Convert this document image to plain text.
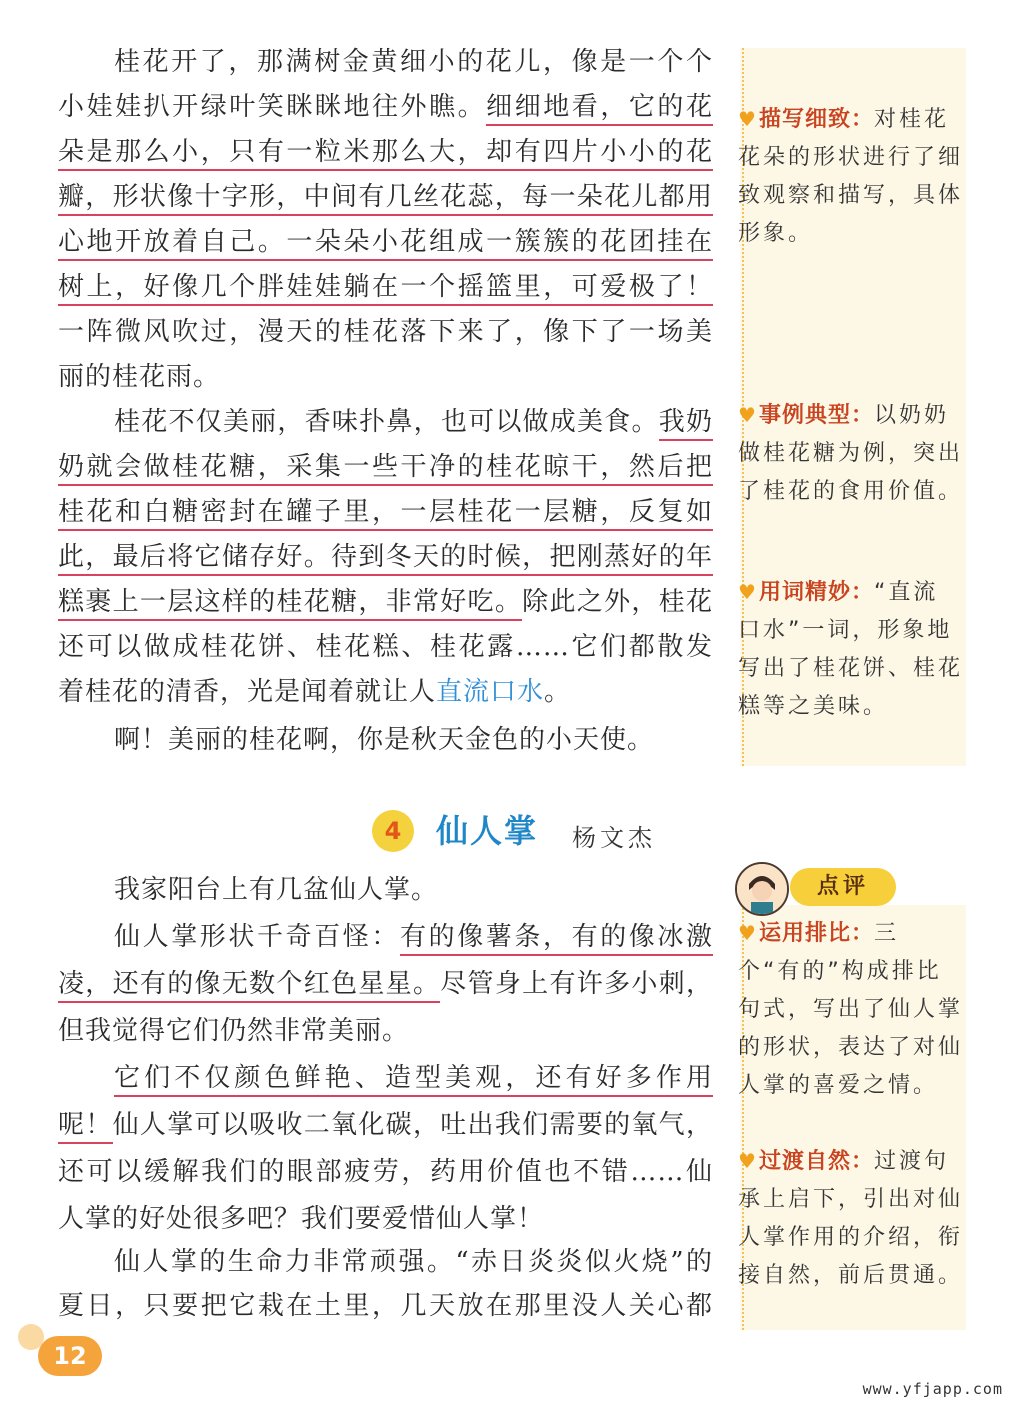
桂花开了，那满树金黄细小的花儿，像是一个个
小娃娃扒开绿叶笑眯眯地往外瞧。细细地看，它的花
朵是那么小，只有一粒米那么大，却有四片小小的花
瓣，形状像十字形，中间有几丝花蕊，每一朵花儿都用
心地开放着自己。一朵朵小花组成一簇簇的花团挂在
树上，好像几个胖娃娃躺在一个摇篮里，可爱极了！
一阵微风吹过，漫天的桂花落下来了，像下了一场美
丽的桂花雨。
桂花不仅美丽，香味扑鼻，也可以做成美食。我奶
奶就会做桂花糖，采集一些干净的桂花晾干，然后把
桂花和白糖密封在罐子里，一层桂花一层糖，反复如
此，最后将它储存好。待到冬天的时候，把刚蒸好的年
糕裹上一层这样的桂花糖，非常好吃。除此之外，桂花
还可以做成桂花饼、桂花糕、桂花露……它们都散发
着桂花的清香，光是闻着就让人直流口水。
啊！美丽的桂花啊，你是秋天金色的小天使。
♥描写细致：对桂花花朵的形状进行了细致观察和描写，具体形象。
♥事例典型：以奶奶做桂花糖为例，突出了桂花的食用价值。
♥用词精妙：“直流口水”一词，形象地写出了桂花饼、桂花糕等之美味。
4	仙人掌 杨文杰
点评
我家阳台上有几盆仙人掌。
仙人掌形状千奇百怪：有的像薯条，有的像冰激
凌，还有的像无数个红色星星。尽管身上有许多小刺，
但我觉得它们仍然非常美丽。
它们不仅颜色鲜艳、造型美观，还有好多作用
呢！仙人掌可以吸收二氧化碳，吐出我们需要的氧气，
还可以缓解我们的眼部疲劳，药用价值也不错……仙
人掌的好处很多吧？我们要爱惜仙人掌！
仙人掌的生命力非常顽强。“赤日炎炎似火烧”的
夏日，只要把它栽在土里，几天放在那里没人关心都
♥运用排比：三个“有的”构成排比句式，写出了仙人掌的形状，表达了对仙人掌的喜爱之情。
♥过渡自然：过渡句承上启下，引出对仙人掌作用的介绍，衔接自然，前后贯通。
12
www.yfjapp.com
